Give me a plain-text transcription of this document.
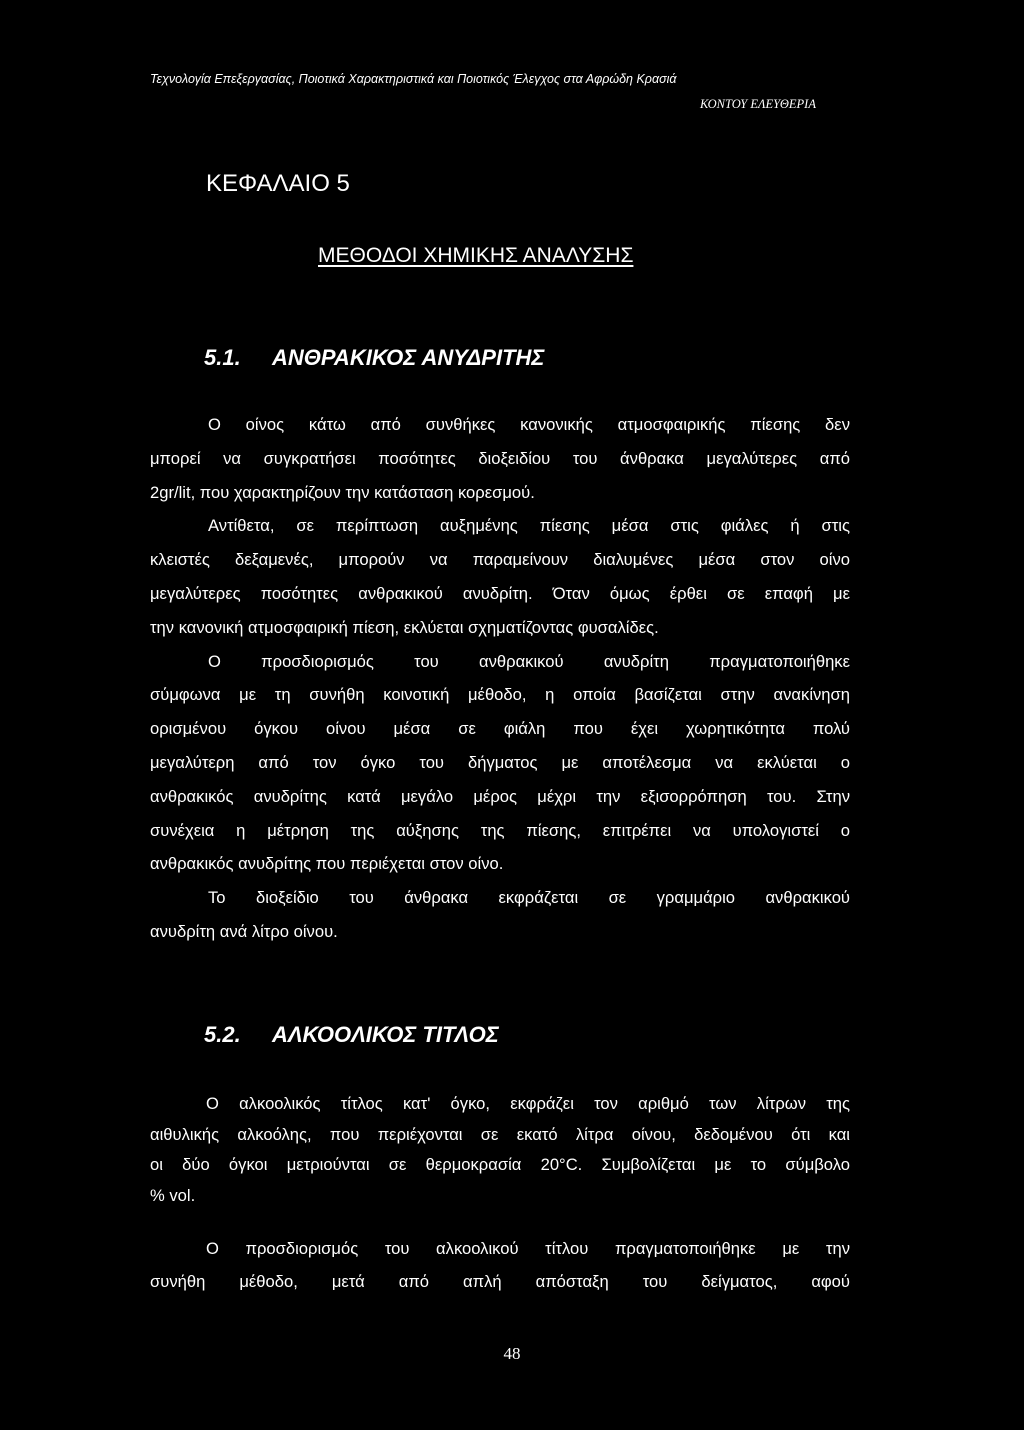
Τεχνολογία Επεξεργασίας, Ποιοτικά Χαρακτηριστικά και Ποιοτικός Έλεγχος στα Αφρώδη Κρασιά
ΚΟΝΤΟΥ ΕΛΕΥΘΕΡΙΑ
ΚΕΦΑΛΑΙΟ 5
ΜΕΘΟΔΟΙ ΧΗΜΙΚΗΣ ΑΝΑΛΥΣΗΣ
5.1. ΑΝΘΡΑΚΙΚΟΣ ΑΝΥΔΡΙΤΗΣ
Ο οίνος κάτω από συνθήκες κανονικής ατμοσφαιρικής πίεσης δεν
μπορεί να συγκρατήσει ποσότητες διοξειδίου του άνθρακα μεγαλύτερες από
2gr/lit, που χαρακτηρίζουν την κατάσταση κορεσμού.
Αντίθετα, σε περίπτωση αυξημένης πίεσης μέσα στις φιάλες ή στις
κλειστές δεξαμενές, μπορούν να παραμείνουν διαλυμένες μέσα στον οίνο
μεγαλύτερες ποσότητες ανθρακικού ανυδρίτη. Όταν όμως έρθει σε επαφή με
την κανονική ατμοσφαιρική πίεση, εκλύεται σχηματίζοντας φυσαλίδες.
Ο προσδιορισμός του ανθρακικού ανυδρίτη πραγματοποιήθηκε
σύμφωνα με τη συνήθη κοινοτική μέθοδο, η οποία βασίζεται στην ανακίνηση
ορισμένου όγκου οίνου μέσα σε φιάλη που έχει χωρητικότητα πολύ
μεγαλύτερη από τον όγκο του δήγματος με αποτέλεσμα να εκλύεται ο
ανθρακικός ανυδρίτης κατά μεγάλο μέρος μέχρι την εξισορρόπηση του. Στην
συνέχεια η μέτρηση της αύξησης της πίεσης, επιτρέπει να υπολογιστεί ο
ανθρακικός ανυδρίτης που περιέχεται στον οίνο.
Το διοξείδιο του άνθρακα εκφράζεται σε γραμμάριο ανθρακικού
ανυδρίτη ανά λίτρο οίνου.
5.2. ΑΛΚΟΟΛΙΚΟΣ ΤΙΤΛΟΣ
Ο αλκοολικός τίτλος κατ' όγκο, εκφράζει τον αριθμό των λίτρων της
αιθυλικής αλκοόλης, που περιέχονται σε εκατό λίτρα οίνου, δεδομένου ότι και
οι δύο όγκοι μετριούνται σε θερμοκρασία 20°C. Συμβολίζεται με το σύμβολο
% vol.
Ο προσδιορισμός του αλκοολικού τίτλου πραγματοποιήθηκε με την
συνήθη μέθοδο, μετά από απλή απόσταξη του δείγματος, αφού
48
